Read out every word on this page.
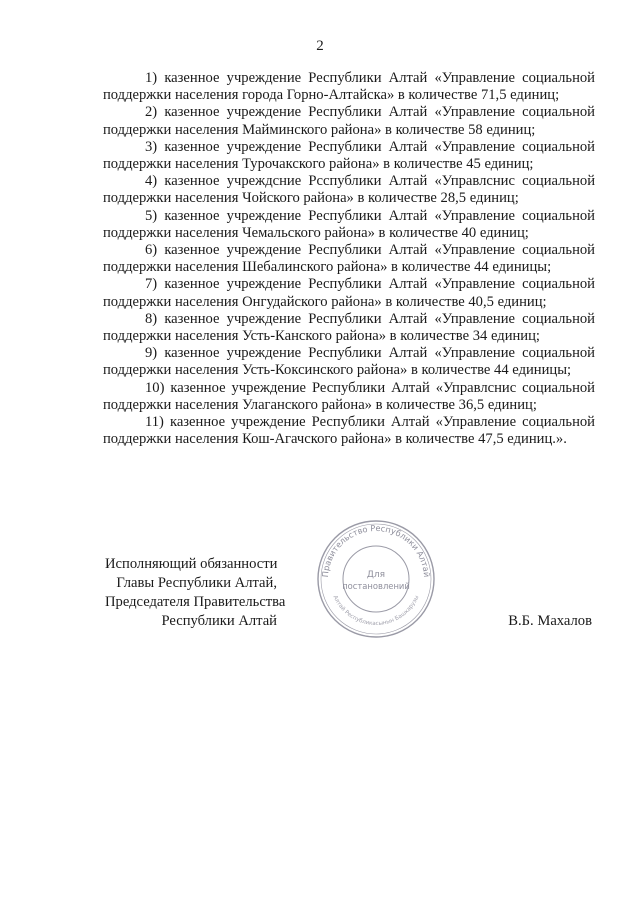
2

1) казенное учреждение Республики Алтай «Управление социальной поддержки населения города Горно-Алтайска» в количестве 71,5 единиц;

2) казенное учреждение Республики Алтай «Управление социальной поддержки населения Майминского района» в количестве 58 единиц;

3) казенное учреждение Республики Алтай «Управление социальной поддержки населения Турочакского района» в количестве 45 единиц;

4) казенное учреждсние Рсспублики Алтай «Управлснис социальной поддержки населения Чойского района» в количестве 28,5 единиц;

5) казенное учреждение Республики Алтай «Управление социальной поддержки населения Чемальского района» в количестве 40 единиц;

6) казенное учреждение Республики Алтай «Управление социальной поддержки населения Шебалинского района» в количестве 44 единицы;

7) казенное учреждение Республики Алтай «Управление социальной поддержки населения Онгудайского района» в количестве 40,5 единиц;

8) казенное учреждение Республики Алтай «Управление социальной поддержки населения Усть-Канского района» в количестве 34 единиц;

9) казенное учреждение Республики Алтай «Управление социальной поддержки населения Усть-Коксинского района» в количестве 44 единицы;

10) казенное учреждение Республики Алтай «Управлснис социальной поддержки населения Улаганского района» в количестве 36,5 единиц;

11) казенное учреждение Республики Алтай «Управление социальной поддержки населения Кош-Агачского района» в количестве 47,5 единиц.».

Исполняющий обязанности
Главы Республики Алтай,
Председателя Правительства
Республики Алтай
Правительство Республики Алтай
Алтай Республикасынын Башкарузы
Для
постановлений
В.Б. Махалов
